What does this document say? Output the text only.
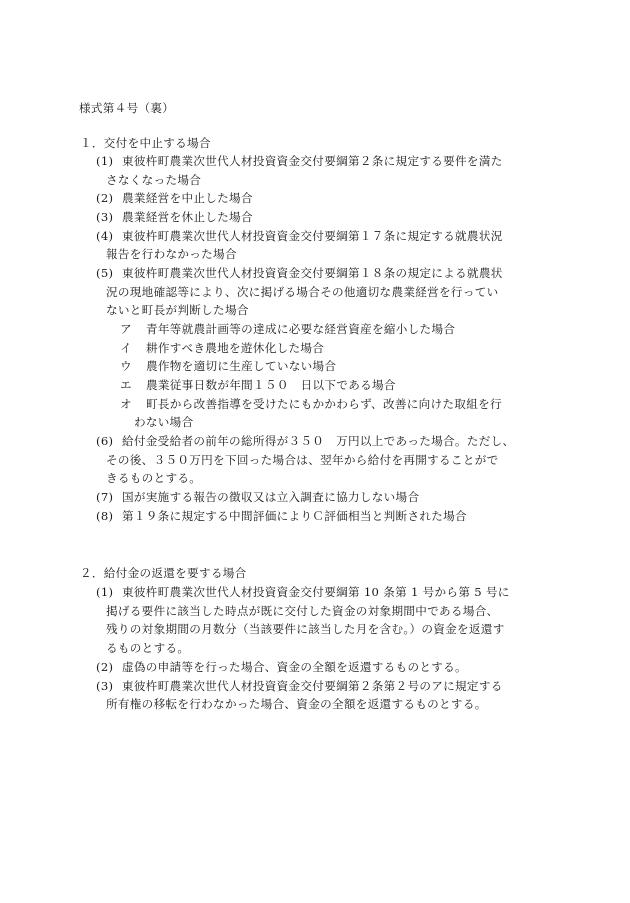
様式第４号（裏）
１．交付を中止する場合
(1) 東彼杵町農業次世代人材投資資金交付要綱第２条に規定する要件を満た
さなくなった場合
(2) 農業経営を中止した場合
(3) 農業経営を休止した場合
(4) 東彼杵町農業次世代人材投資資金交付要綱第１７条に規定する就農状況
報告を行わなかった場合
(5) 東彼杵町農業次世代人材投資資金交付要綱第１８条の規定による就農状
況の現地確認等により、次に掲げる場合その他適切な農業経営を行ってい
ないと町長が判断した場合
ア 青年等就農計画等の達成に必要な経営資産を縮小した場合
イ 耕作すべき農地を遊休化した場合
ウ 農作物を適切に生産していない場合
エ 農業従事日数が年間１５０　日以下である場合
オ 町長から改善指導を受けたにもかかわらず、改善に向けた取組を行
わない場合
(6) 給付金受給者の前年の総所得が３５０　万円以上であった場合。ただし、
その後、３５０万円を下回った場合は、翌年から給付を再開することがで
きるものとする。
(7) 国が実施する報告の徴収又は立入調査に協力しない場合
(8) 第１９条に規定する中間評価によりＣ評価相当と判断された場合
２．給付金の返還を要する場合
(1) 東彼杵町農業次世代人材投資資金交付要綱第 10 条第 1 号から第 5 号に
掲げる要件に該当した時点が既に交付した資金の対象期間中である場合、
残りの対象期間の月数分（当該要件に該当した月を含む。）の資金を返還す
るものとする。
(2) 虚偽の申請等を行った場合、資金の全額を返還するものとする。
(3) 東彼杵町農業次世代人材投資資金交付要綱第２条第２号のアに規定する
所有権の移転を行わなかった場合、資金の全額を返還するものとする。
